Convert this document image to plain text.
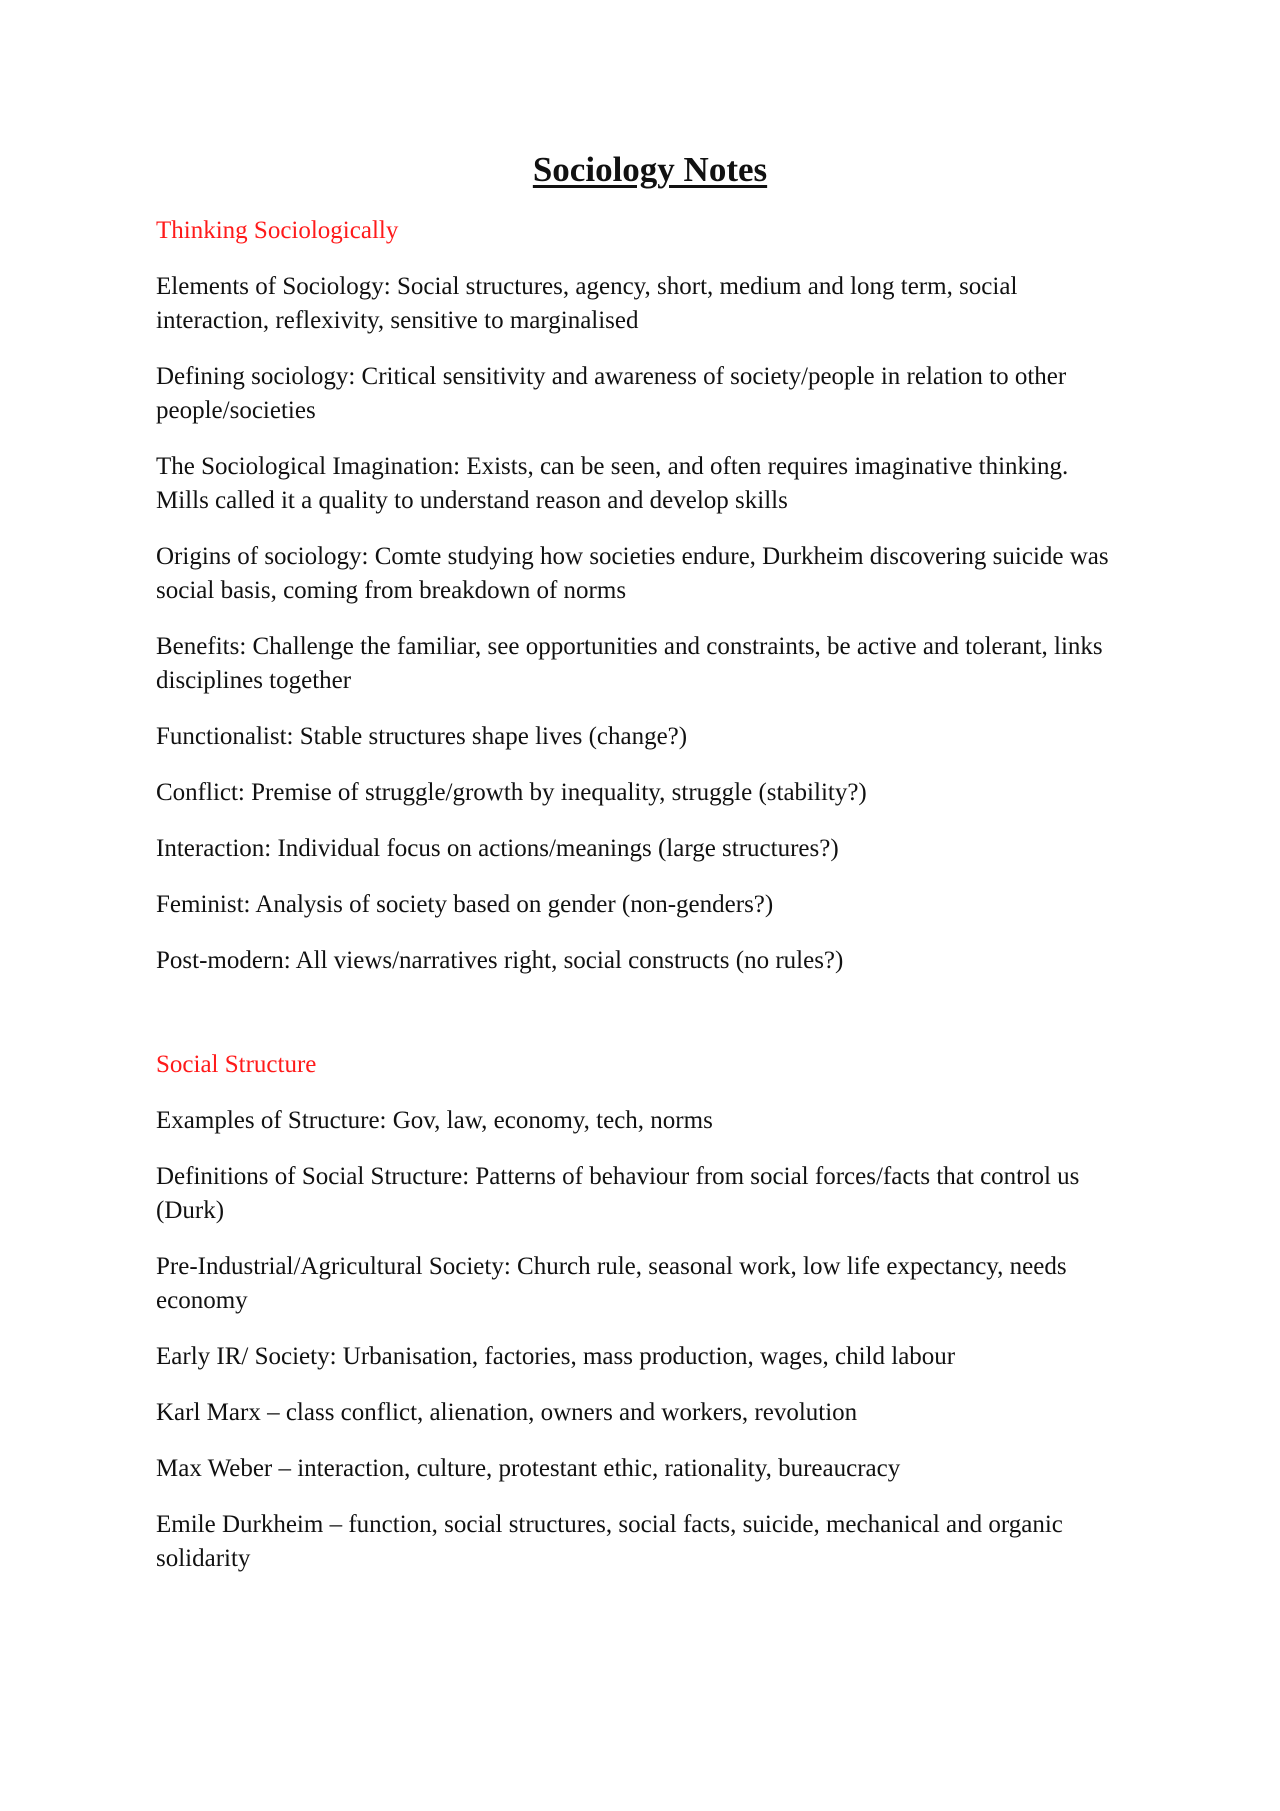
Sociology Notes
Thinking Sociologically

Elements of Sociology: Social structures, agency, short, medium and long term, social interaction, reflexivity, sensitive to marginalised

Defining sociology: Critical sensitivity and awareness of society/people in relation to other people/societies

The Sociological Imagination: Exists, can be seen, and often requires imaginative thinking. Mills called it a quality to understand reason and develop skills

Origins of sociology: Comte studying how societies endure, Durkheim discovering suicide was social basis, coming from breakdown of norms

Benefits: Challenge the familiar, see opportunities and constraints, be active and tolerant, links disciplines together

Functionalist: Stable structures shape lives (change?)

Conflict: Premise of struggle/growth by inequality, struggle (stability?)

Interaction: Individual focus on actions/meanings (large structures?)

Feminist: Analysis of society based on gender (non-genders?)

Post-modern: All views/narratives right, social constructs (no rules?)

Social Structure

Examples of Structure: Gov, law, economy, tech, norms

Definitions of Social Structure: Patterns of behaviour from social forces/facts that control us (Durk)

Pre-Industrial/Agricultural Society: Church rule, seasonal work, low life expectancy, needs economy

Early IR/ Society: Urbanisation, factories, mass production, wages, child labour

Karl Marx – class conflict, alienation, owners and workers, revolution

Max Weber – interaction, culture, protestant ethic, rationality, bureaucracy

Emile Durkheim – function, social structures, social facts, suicide, mechanical and organic solidarity
